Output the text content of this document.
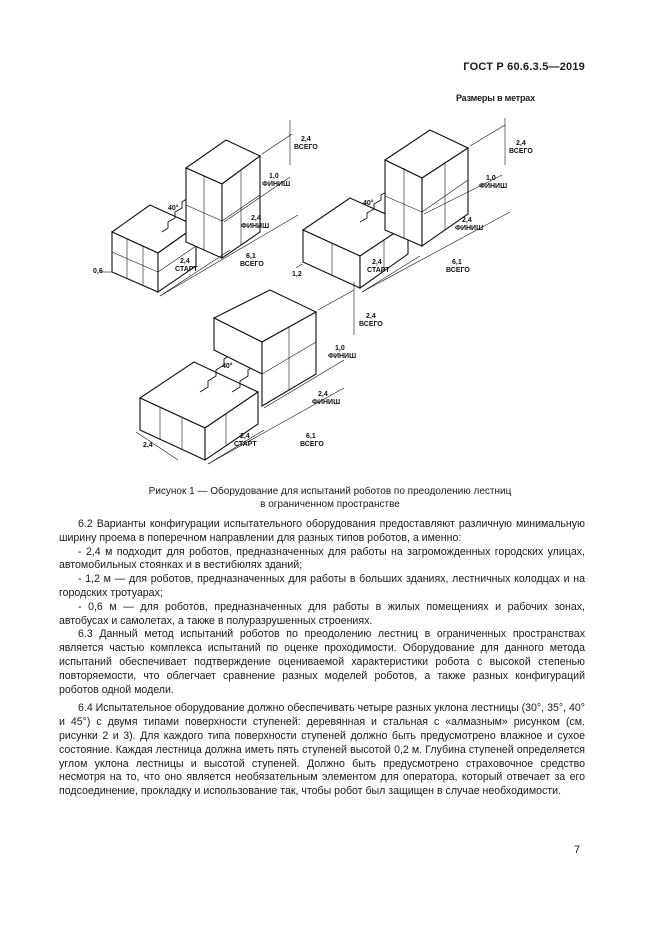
ГОСТ Р 60.6.3.5—2019
0,6
2,4
СТАРТ
6,1
ВСЕГО
2,4
ФИНИШ
1,0
ФИНИШ
2,4
ВСЕГО
40°
1,2
2,4
СТАРТ
6,1
ВСЕГО
2,4
ФИНИШ
1,0
ФИНИШ
2,4
ВСЕГО
40°
2,4
2,4
СТАРТ
6,1
ВСЕГО
2,4
ФИНИШ
1,0
ФИНИШ
2,4
ВСЕГО
40°
Размеры в метрах
Рисунок 1 — Оборудование для испытаний роботов по преодолению лестниц
в ограниченном пространстве

6.2 Варианты конфигурации испытательного оборудования предоставляют различную минимальную ширину проема в поперечном направлении для разных типов роботов, а именно:

- 2,4 м подходит для роботов, предназначенных для работы на загроможденных городских улицах, автомобильных стоянках и в вестибюлях зданий;

- 1,2 м — для роботов, предназначенных для работы в больших зданиях, лестничных колодцах и на городских тротуарах;

- 0,6 м — для роботов, предназначенных для работы в жилых помещениях и рабочих зонах, автобусах и самолетах, а также в полуразрушенных строениях.

6.3 Данный метод испытаний роботов по преодолению лестниц в ограниченных пространствах является частью комплекса испытаний по оценке проходимости. Оборудование для данного метода испытаний обеспечивает подтверждение оцениваемой характеристики робота с высокой степенью повторяемости, что облегчает сравнение разных моделей роботов, а также разных конфигураций роботов одной модели.

6.4 Испытательное оборудование должно обеспечивать четыре разных уклона лестницы (30°, 35°, 40° и 45°) с двумя типами поверхности ступеней: деревянная и стальная с «алмазным» рисунком (см. рисунки 2 и 3). Для каждого типа поверхности ступеней должно быть предусмотрено влажное и сухое состояние. Каждая лестница должна иметь пять ступеней высотой 0,2 м. Глубина ступеней определяется углом уклона лестницы и высотой ступеней. Должно быть предусмотрено страховочное средство несмотря на то, что оно является необязательным элементом для оператора, который отвечает за его подсоединение, прокладку и использование так, чтобы робот был защищен в случае необходимости.

7
